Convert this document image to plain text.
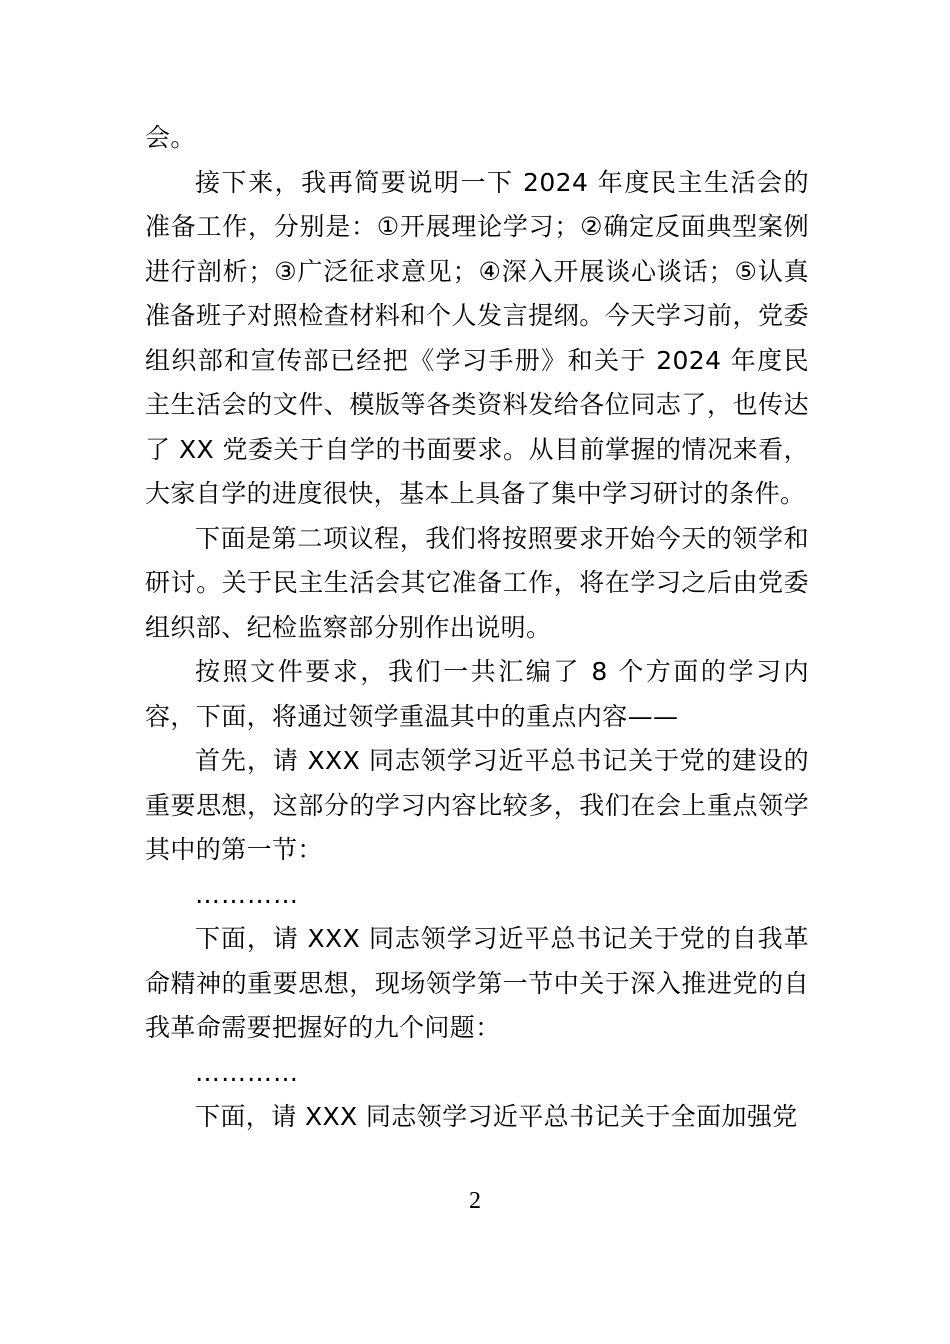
会。

接下来，我再简要说明一下 2024 年度民主生活会的准备工作，分别是：①开展理论学习；②确定反面典型案例进行剖析；③广泛征求意见；④深入开展谈心谈话；⑤认真准备班子对照检查材料和个人发言提纲。今天学习前，党委组织部和宣传部已经把《学习手册》和关于 2024 年度民主生活会的文件、模版等各类资料发给各位同志了，也传达了 XX 党委关于自学的书面要求。从目前掌握的情况来看，大家自学的进度很快，基本上具备了集中学习研讨的条件。

下面是第二项议程，我们将按照要求开始今天的领学和研讨。关于民主生活会其它准备工作，将在学习之后由党委组织部、纪检监察部分别作出说明。

按照文件要求，我们一共汇编了 8 个方面的学习内容，下面，将通过领学重温其中的重点内容——

首先，请 XXX 同志领学习近平总书记关于党的建设的重要思想，这部分的学习内容比较多，我们在会上重点领学其中的第一节：

…………

下面，请 XXX 同志领学习近平总书记关于党的自我革命精神的重要思想，现场领学第一节中关于深入推进党的自我革命需要把握好的九个问题：

…………

下面，请 XXX 同志领学习近平总书记关于全面加强党

2
